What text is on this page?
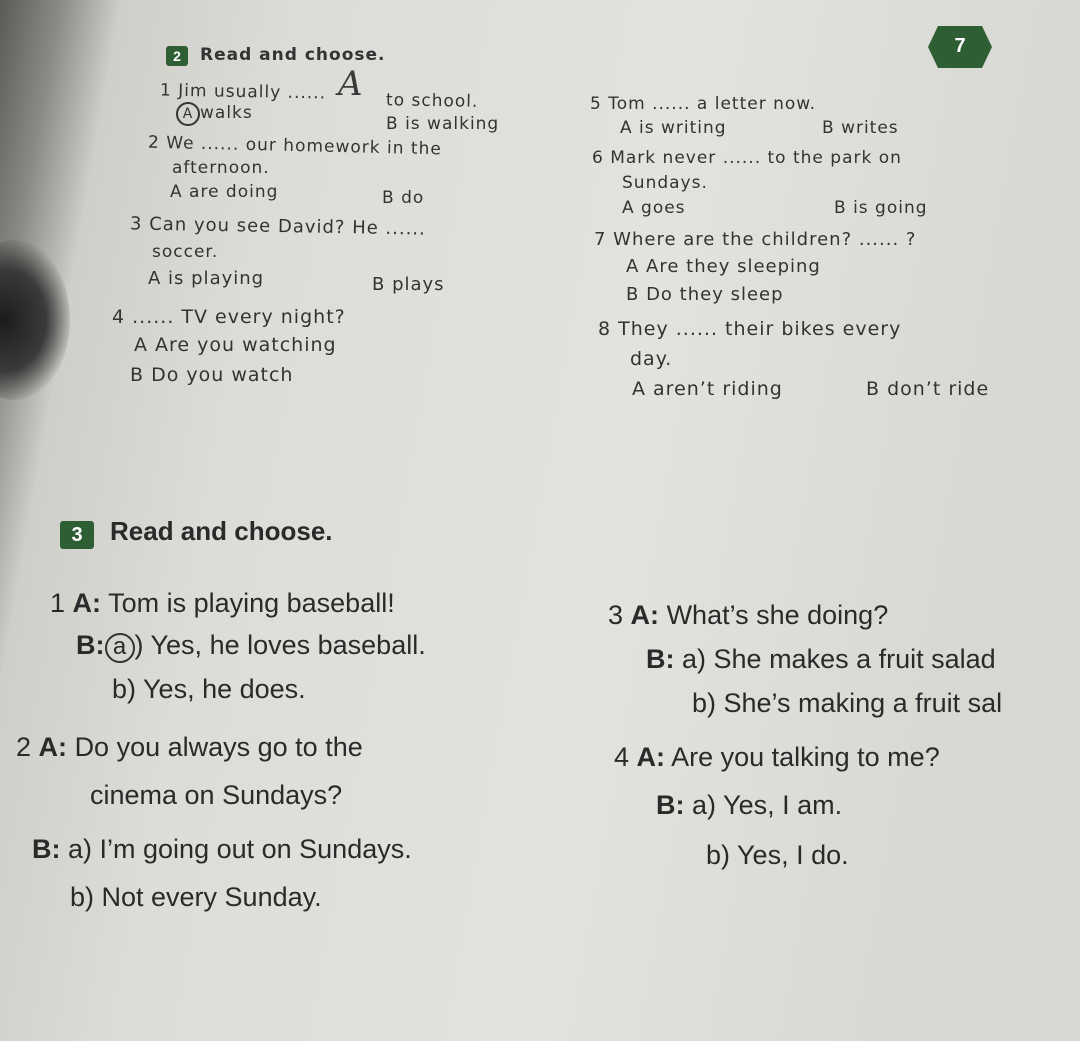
7
2	Read and choose.
A
1 Jim usually ......	to school.
A walks
B is walking
2 We ...... our homework in the
afternoon.
A are doing	B do
3 Can you see David? He ......
soccer.
A is playing	B plays
4 ...... TV every night?
A Are you watching
B Do you watch
5 Tom ...... a letter now.
A is writing	B writes
6 Mark never ...... to the park on
Sundays.
A goes	B is going
7 Where are the children? ...... ?
A Are they sleeping
B Do they sleep
8 They ...... their bikes every
day.
A aren’t riding	B don’t ride
3	Read and choose.
1 A: Tom is playing baseball!
B: a ) Yes, he loves baseball.
b) Yes, he does.
2 A: Do you always go to the
cinema on Sundays?
B: a) I’m going out on Sundays.
b) Not every Sunday.
3 A: What’s she doing?
B: a) She makes a fruit salad
b) She’s making a fruit sal
4 A: Are you talking to me?
B: a) Yes, I am.
b) Yes, I do.
